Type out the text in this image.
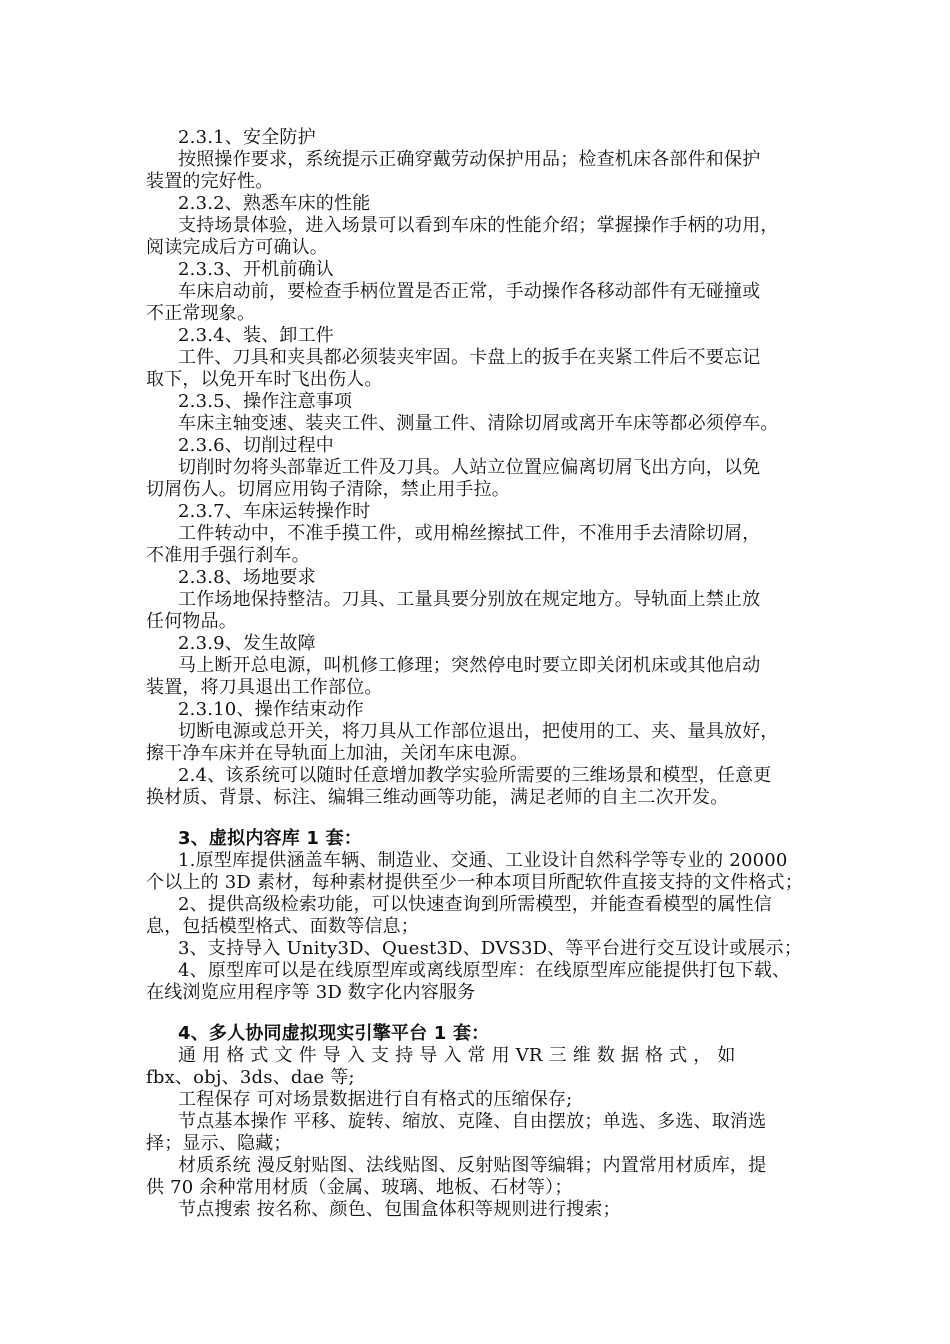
2.3.1、安全防护
按照操作要求，系统提示正确穿戴劳动保护用品；检查机床各部件和保护
装置的完好性。
2.3.2、熟悉车床的性能
支持场景体验，进入场景可以看到车床的性能介绍；掌握操作手柄的功用，
阅读完成后方可确认。
2.3.3、开机前确认
车床启动前，要检查手柄位置是否正常，手动操作各移动部件有无碰撞或
不正常现象。
2.3.4、装、卸工件
工件、刀具和夹具都必须装夹牢固。卡盘上的扳手在夹紧工件后不要忘记
取下，以免开车时飞出伤人。
2.3.5、操作注意事项
车床主轴变速、装夹工件、测量工件、清除切屑或离开车床等都必须停车。
2.3.6、切削过程中
切削时勿将头部靠近工件及刀具。人站立位置应偏离切屑飞出方向，以免
切屑伤人。切屑应用钩子清除，禁止用手拉。
2.3.7、车床运转操作时
工件转动中，不准手摸工件，或用棉丝擦拭工件，不准用手去清除切屑，
不准用手强行刹车。
2.3.8、场地要求
工作场地保持整洁。刀具、工量具要分别放在规定地方。导轨面上禁止放
任何物品。
2.3.9、发生故障
马上断开总电源，叫机修工修理；突然停电时要立即关闭机床或其他启动
装置，将刀具退出工作部位。
2.3.10、操作结束动作
切断电源或总开关，将刀具从工作部位退出，把使用的工、夹、量具放好，
擦干净车床并在导轨面上加油，关闭车床电源。
2.4、该系统可以随时任意增加教学实验所需要的三维场景和模型，任意更
换材质、背景、标注、编辑三维动画等功能，满足老师的自主二次开发。
3、虚拟内容库 1 套：
1.原型库提供涵盖车辆、制造业、交通、工业设计自然科学等专业的 20000
个以上的 3D 素材，每种素材提供至少一种本项目所配软件直接支持的文件格式；
2、提供高级检索功能，可以快速查询到所需模型，并能查看模型的属性信
息，包括模型格式、面数等信息；
3、支持导入 Unity3D、Quest3D、DVS3D、等平台进行交互设计或展示；
4、原型库可以是在线原型库或离线原型库：在线原型库应能提供打包下载、
在线浏览应用程序等 3D 数字化内容服务
4、多人协同虚拟现实引擎平台 1 套：
通 用 格 式 文 件 导 入 支 持 导 入 常 用 VR 三 维 数 据 格 式 ， 如
fbx、obj、3ds、dae 等;
工程保存 可对场景数据进行自有格式的压缩保存;
节点基本操作 平移、旋转、缩放、克隆、自由摆放；单选、多选、取消选
择；显示、隐藏；
材质系统 漫反射贴图、法线贴图、反射贴图等编辑；内置常用材质库，提
供 70 余种常用材质（金属、玻璃、地板、石材等）；
节点搜索 按名称、颜色、包围盒体积等规则进行搜索；
